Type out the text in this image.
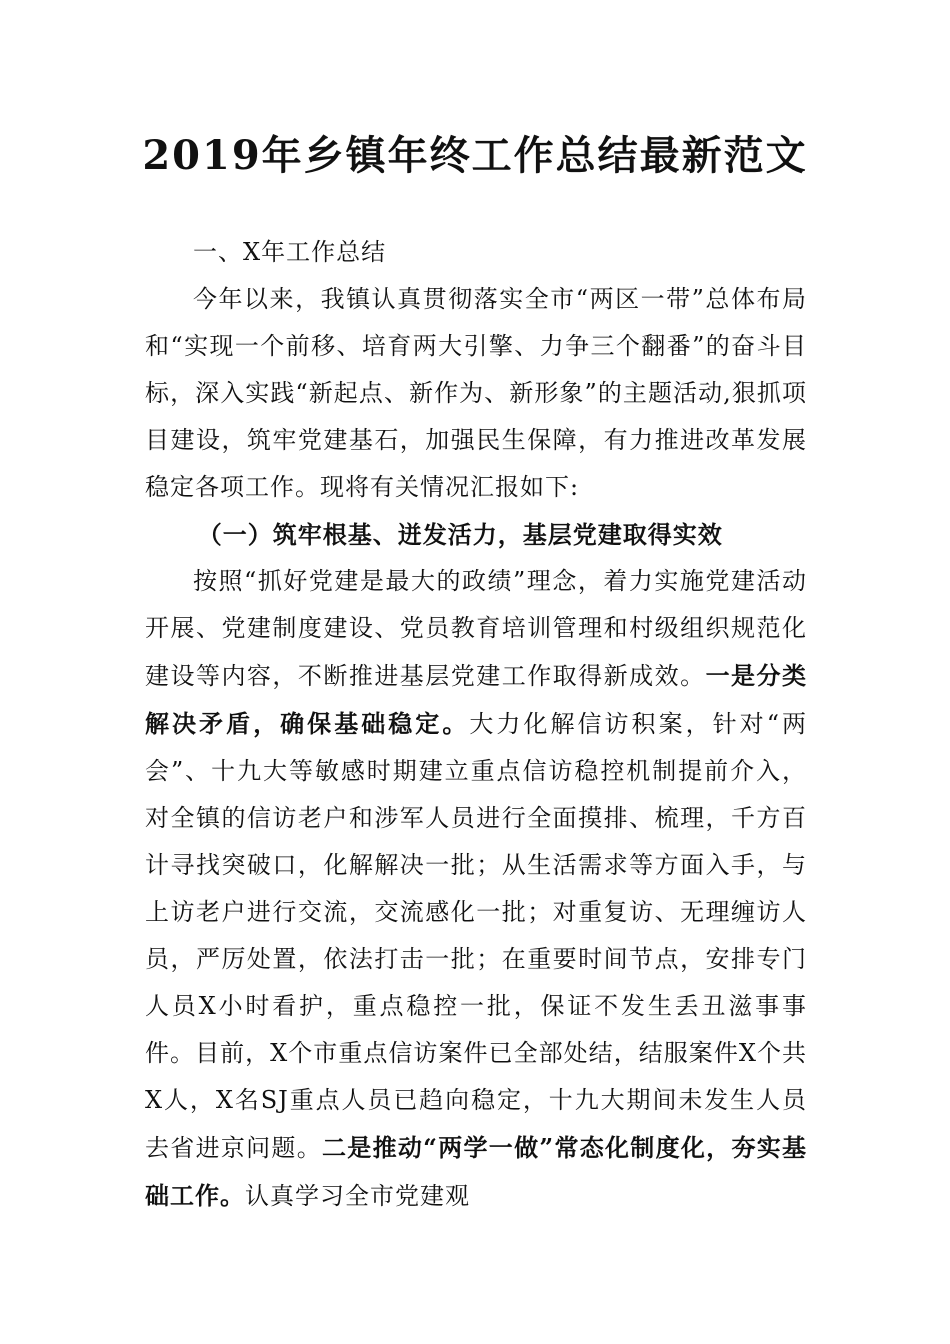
2019年乡镇年终工作总结最新范文

一、X年工作总结

今年以来，我镇认真贯彻落实全市“两区一带”总体布局和“实现一个前移、培育两大引擎、力争三个翻番”的奋斗目标，深入实践“新起点、新作为、新形象”的主题活动,狠抓项目建设，筑牢党建基石，加强民生保障，有力推进改革发展稳定各项工作。现将有关情况汇报如下:

（一）筑牢根基、迸发活力，基层党建取得实效

按照“抓好党建是最大的政绩”理念，着力实施党建活动开展、党建制度建设、党员教育培训管理和村级组织规范化建设等内容，不断推进基层党建工作取得新成效。一是分类解决矛盾，确保基础稳定。大力化解信访积案，针对“两会”、十九大等敏感时期建立重点信访稳控机制提前介入，对全镇的信访老户和涉军人员进行全面摸排、梳理，千方百计寻找突破口，化解解决一批；从生活需求等方面入手，与上访老户进行交流，交流感化一批；对重复访、无理缠访人员，严厉处置，依法打击一批；在重要时间节点，安排专门人员X小时看护，重点稳控一批，保证不发生丢丑滋事事件。目前，X个市重点信访案件已全部处结，结服案件X个共X人，X名SJ重点人员已趋向稳定，十九大期间未发生人员去省进京问题。二是推动“两学一做”常态化制度化，夯实基础工作。认真学习全市党建观
